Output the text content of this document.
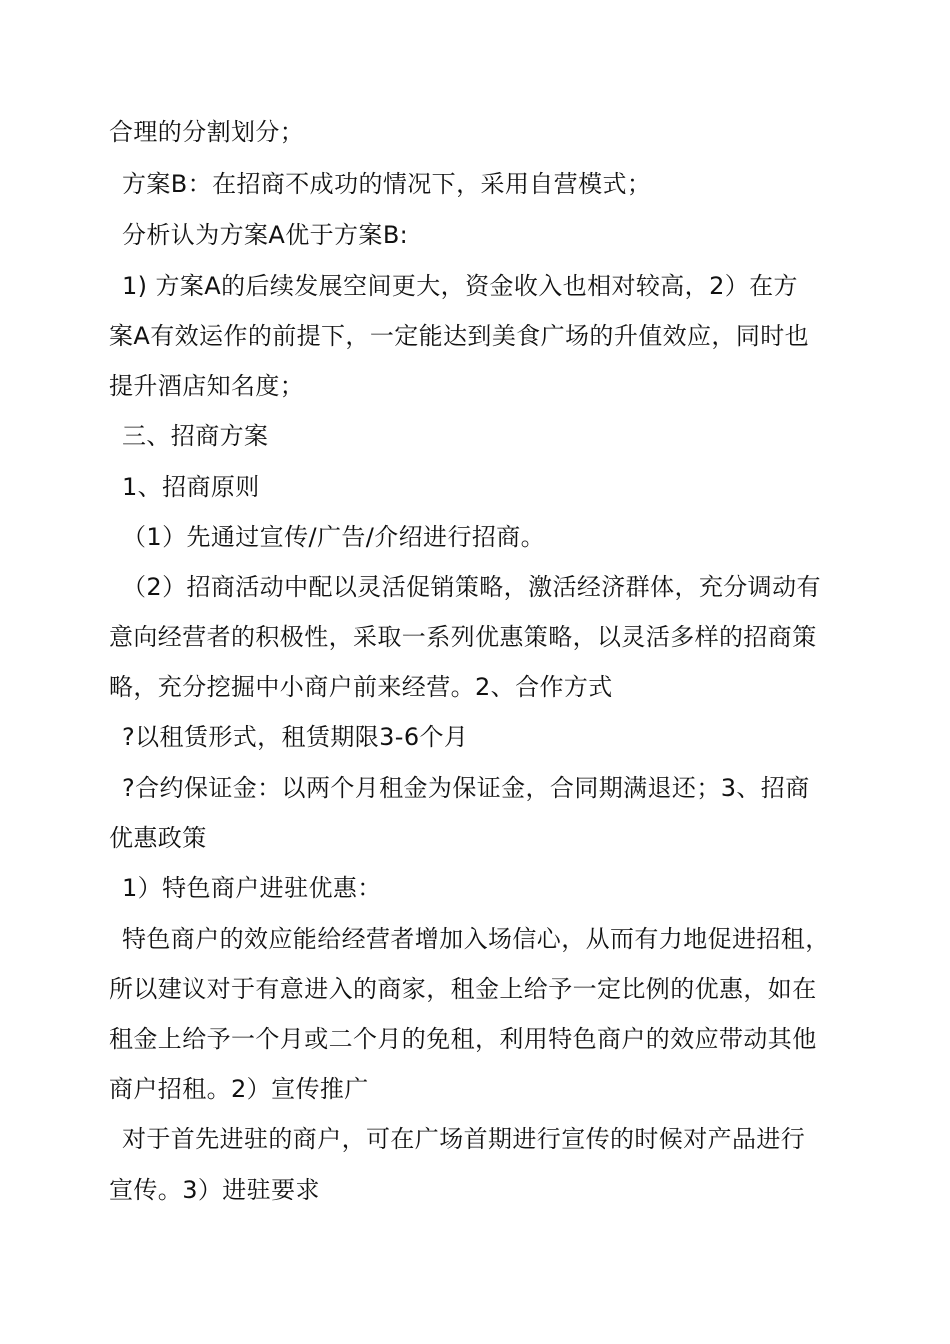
合理的分割划分；

方案B：在招商不成功的情况下，采用自营模式；

分析认为方案A优于方案B:

1) 方案A的后续发展空间更大，资金收入也相对较高，2）在方

案A有效运作的前提下，一定能达到美食广场的升值效应，同时也

提升酒店知名度；

三、招商方案

1、招商原则

（1）先通过宣传/广告/介绍进行招商。

（2）招商活动中配以灵活促销策略，激活经济群体，充分调动有

意向经营者的积极性，采取一系列优惠策略，以灵活多样的招商策

略，充分挖掘中小商户前来经营。2、合作方式

?以租赁形式，租赁期限3-6个月

?合约保证金：以两个月租金为保证金，合同期满退还；3、招商

优惠政策

1）特色商户进驻优惠：

特色商户的效应能给经营者增加入场信心，从而有力地促进招租，

所以建议对于有意进入的商家，租金上给予一定比例的优惠，如在

租金上给予一个月或二个月的免租，利用特色商户的效应带动其他

商户招租。2）宣传推广

对于首先进驻的商户，可在广场首期进行宣传的时候对产品进行

宣传。3）进驻要求
